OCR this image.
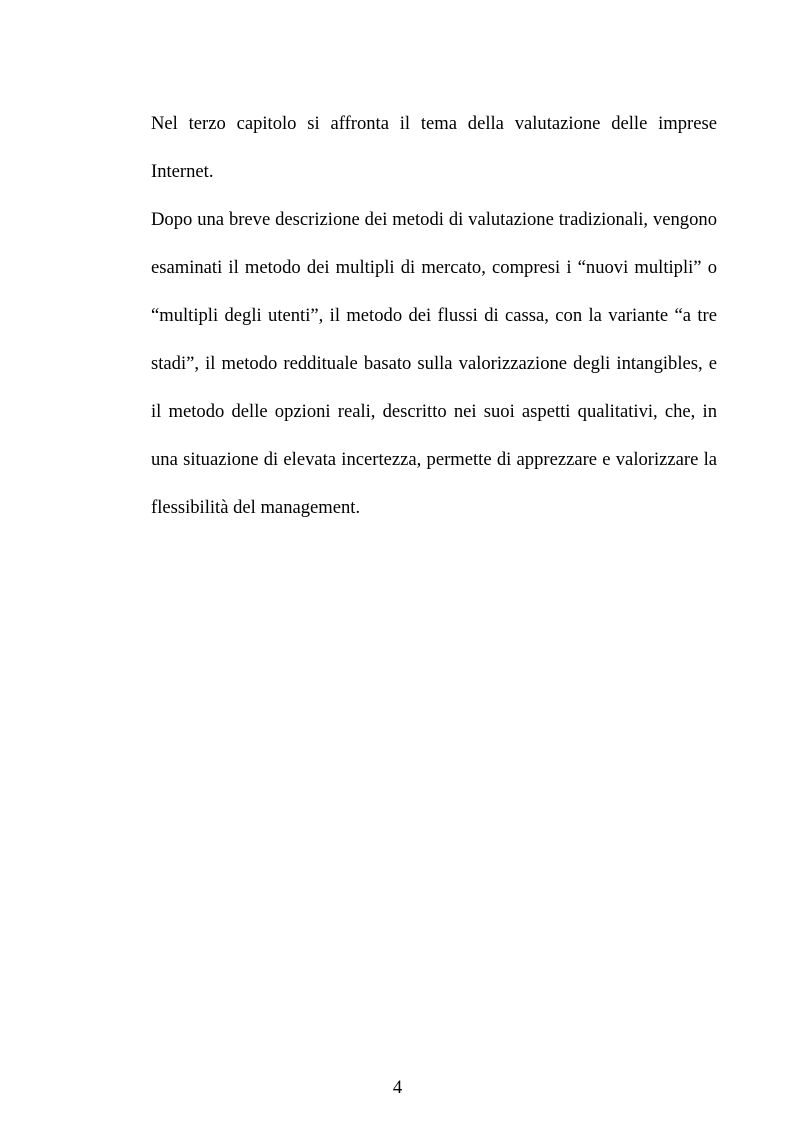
Nel terzo capitolo si affronta il tema della valutazione delle imprese
Internet.
Dopo una breve descrizione dei metodi di valutazione tradizionali, vengono
esaminati il metodo dei multipli di mercato, compresi i “nuovi multipli” o
“multipli degli utenti”, il metodo dei flussi di cassa, con la variante “a tre
stadi”, il metodo reddituale basato sulla valorizzazione degli intangibles, e
il metodo delle opzioni reali, descritto nei suoi aspetti qualitativi, che, in
una situazione di elevata incertezza, permette di apprezzare e valorizzare la
flessibilità del management.
4
